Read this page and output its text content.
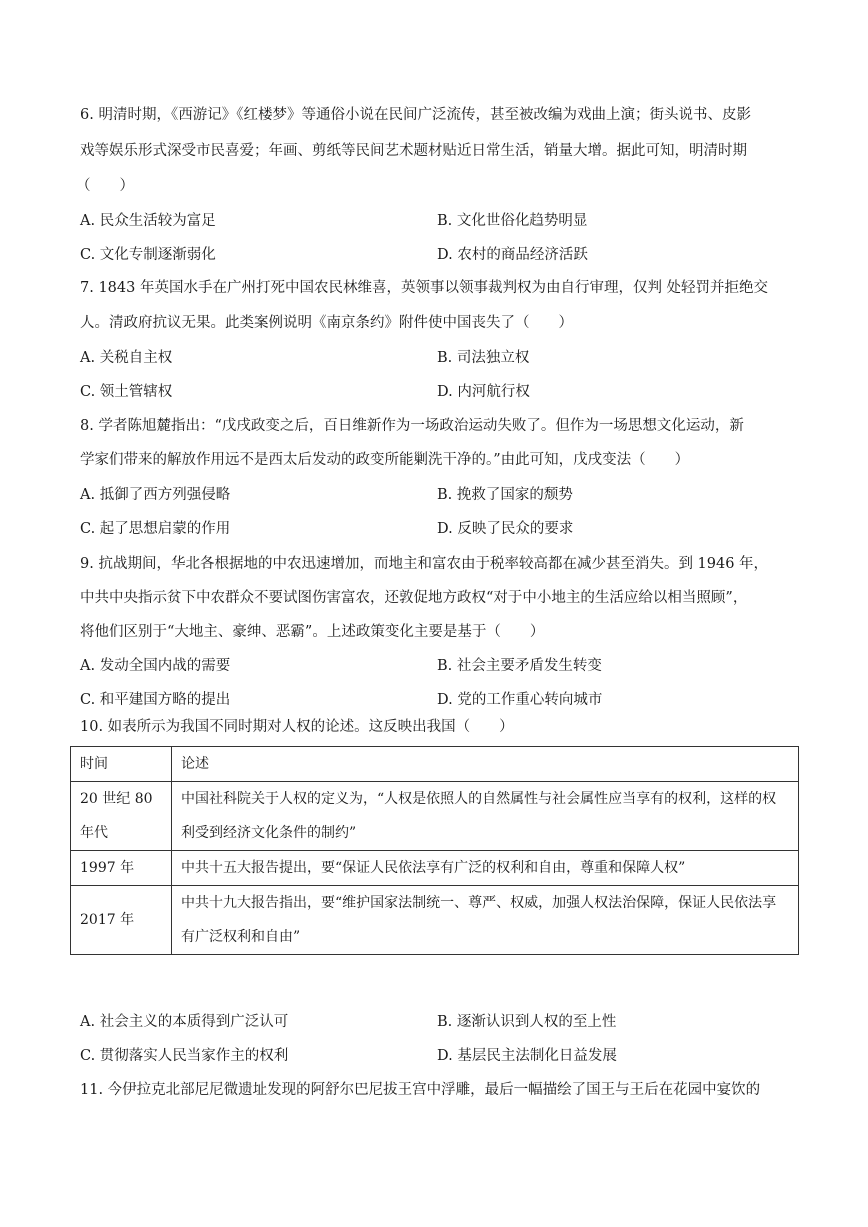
6. 明清时期，《西游记》《红楼梦》等通俗小说在民间广泛流传，甚至被改编为戏曲上演；街头说书、皮影
戏等娱乐形式深受市民喜爱；年画、剪纸等民间艺术题材贴近日常生活，销量大增。据此可知，明清时期
（　　）
A. 民众生活较为富足	B. 文化世俗化趋势明显
C. 文化专制逐渐弱化	D. 农村的商品经济活跃
7. 1843 年英国水手在广州打死中国农民林维喜，英领事以领事裁判权为由自行审理，仅判 处轻罚并拒绝交
人。清政府抗议无果。此类案例说明《南京条约》附件使中国丧失了（　　）
A. 关税自主权	B. 司法独立权
C. 领土管辖权	D. 内河航行权
8. 学者陈旭麓指出：“戊戌政变之后，百日维新作为一场政治运动失败了。但作为一场思想文化运动，新
学家们带来的解放作用远不是西太后发动的政变所能剿洗干净的。”由此可知，戊戌变法（　　）
A. 抵御了西方列强侵略	B. 挽救了国家的颓势
C. 起了思想启蒙的作用	D. 反映了民众的要求
9. 抗战期间，华北各根据地的中农迅速增加，而地主和富农由于税率较高都在减少甚至消失。到 1946 年，
中共中央指示贫下中农群众不要试图伤害富农，还敦促地方政权“对于中小地主的生活应给以相当照顾”，
将他们区别于“大地主、豪绅、恶霸”。上述政策变化主要是基于（　　）
A. 发动全国内战的需要	B. 社会主要矛盾发生转变
C. 和平建国方略的提出	D. 党的工作重心转向城市
10. 如表所示为我国不同时期对人权的论述。这反映出我国（　　）
时间	论述

20 世纪 80 年代	中国社科院关于人权的定义为，“人权是依照人的自然属性与社会属性应当享有的权利，这样的权利受到经济文化条件的制约”

1997 年	中共十五大报告提出，要“保证人民依法享有广泛的权利和自由，尊重和保障人权”
2017 年	中共十九大报告指出，要“维护国家法制统一、尊严、权威，加强人权法治保障，保证人民依法享有广泛权利和自由”
A. 社会主义的本质得到广泛认可	B. 逐渐认识到人权的至上性
C. 贯彻落实人民当家作主的权利	D. 基层民主法制化日益发展
11. 今伊拉克北部尼尼微遗址发现的阿舒尔巴尼拔王宫中浮雕，最后一幅描绘了国王与王后在花园中宴饮的
